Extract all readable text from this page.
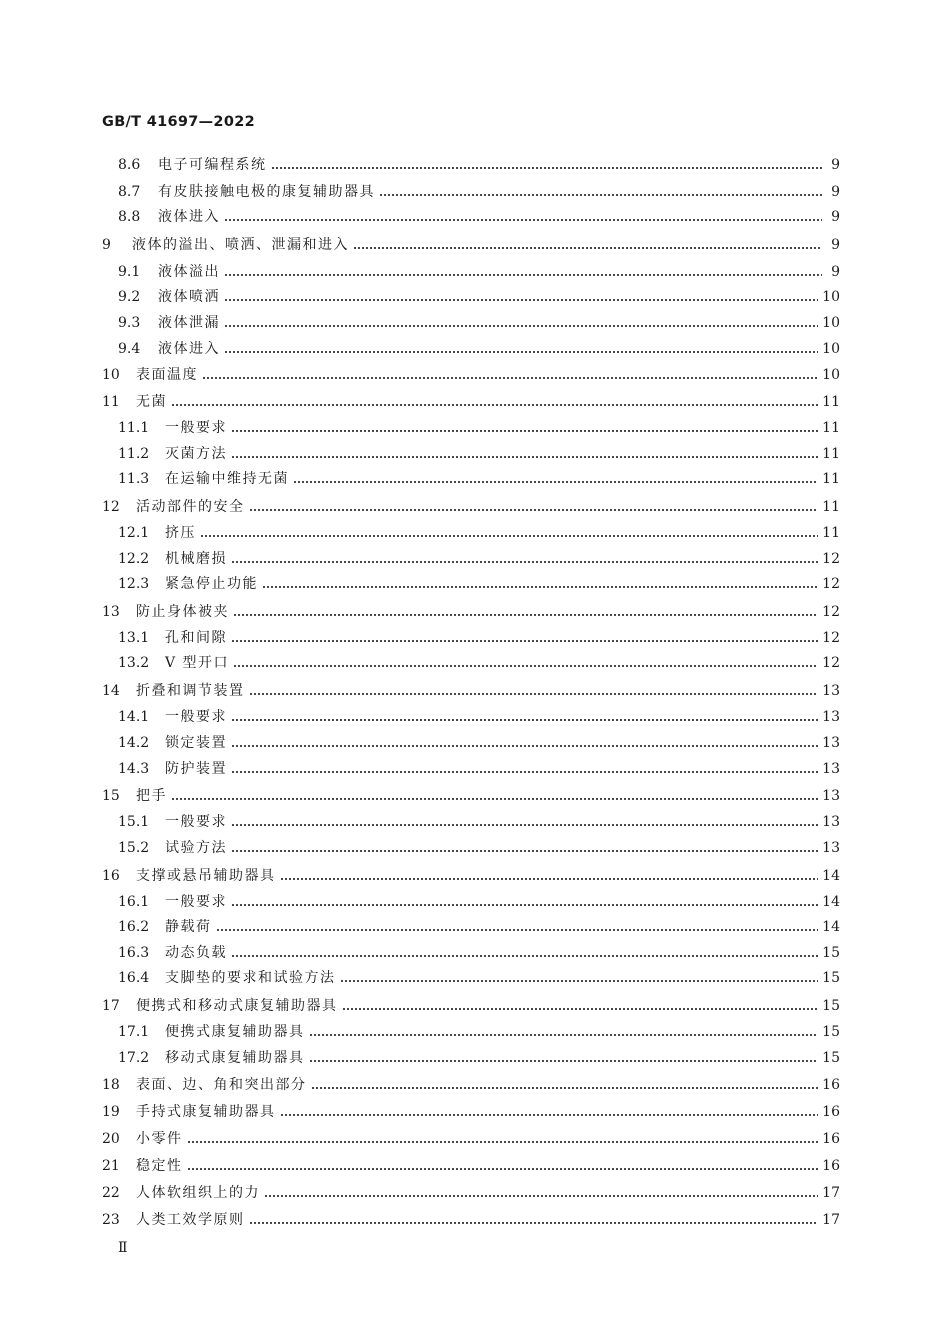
GB/T 41697—2022
8.6	电子可编程系统	9
8.7	有皮肤接触电极的康复辅助器具	9
8.8	液体进入	9
9	液体的溢出、喷洒、泄漏和进入	9
9.1	液体溢出	9
9.2	液体喷洒	10
9.3	液体泄漏	10
9.4	液体进入	10
10	表面温度	10
11	无菌	11
11.1	一般要求	11
11.2	灭菌方法	11
11.3	在运输中维持无菌	11
12	活动部件的安全	11
12.1	挤压	11
12.2	机械磨损	12
12.3	紧急停止功能	12
13	防止身体被夹	12
13.1	孔和间隙	12
13.2	V 型开口	12
14	折叠和调节装置	13
14.1	一般要求	13
14.2	锁定装置	13
14.3	防护装置	13
15	把手	13
15.1	一般要求	13
15.2	试验方法	13
16	支撑或悬吊辅助器具	14
16.1	一般要求	14
16.2	静载荷	14
16.3	动态负载	15
16.4	支脚垫的要求和试验方法	15
17	便携式和移动式康复辅助器具	15
17.1	便携式康复辅助器具	15
17.2	移动式康复辅助器具	15
18	表面、边、角和突出部分	16
19	手持式康复辅助器具	16
20	小零件	16
21	稳定性	16
22	人体软组织上的力	17
23	人类工效学原则	17
Ⅱ
